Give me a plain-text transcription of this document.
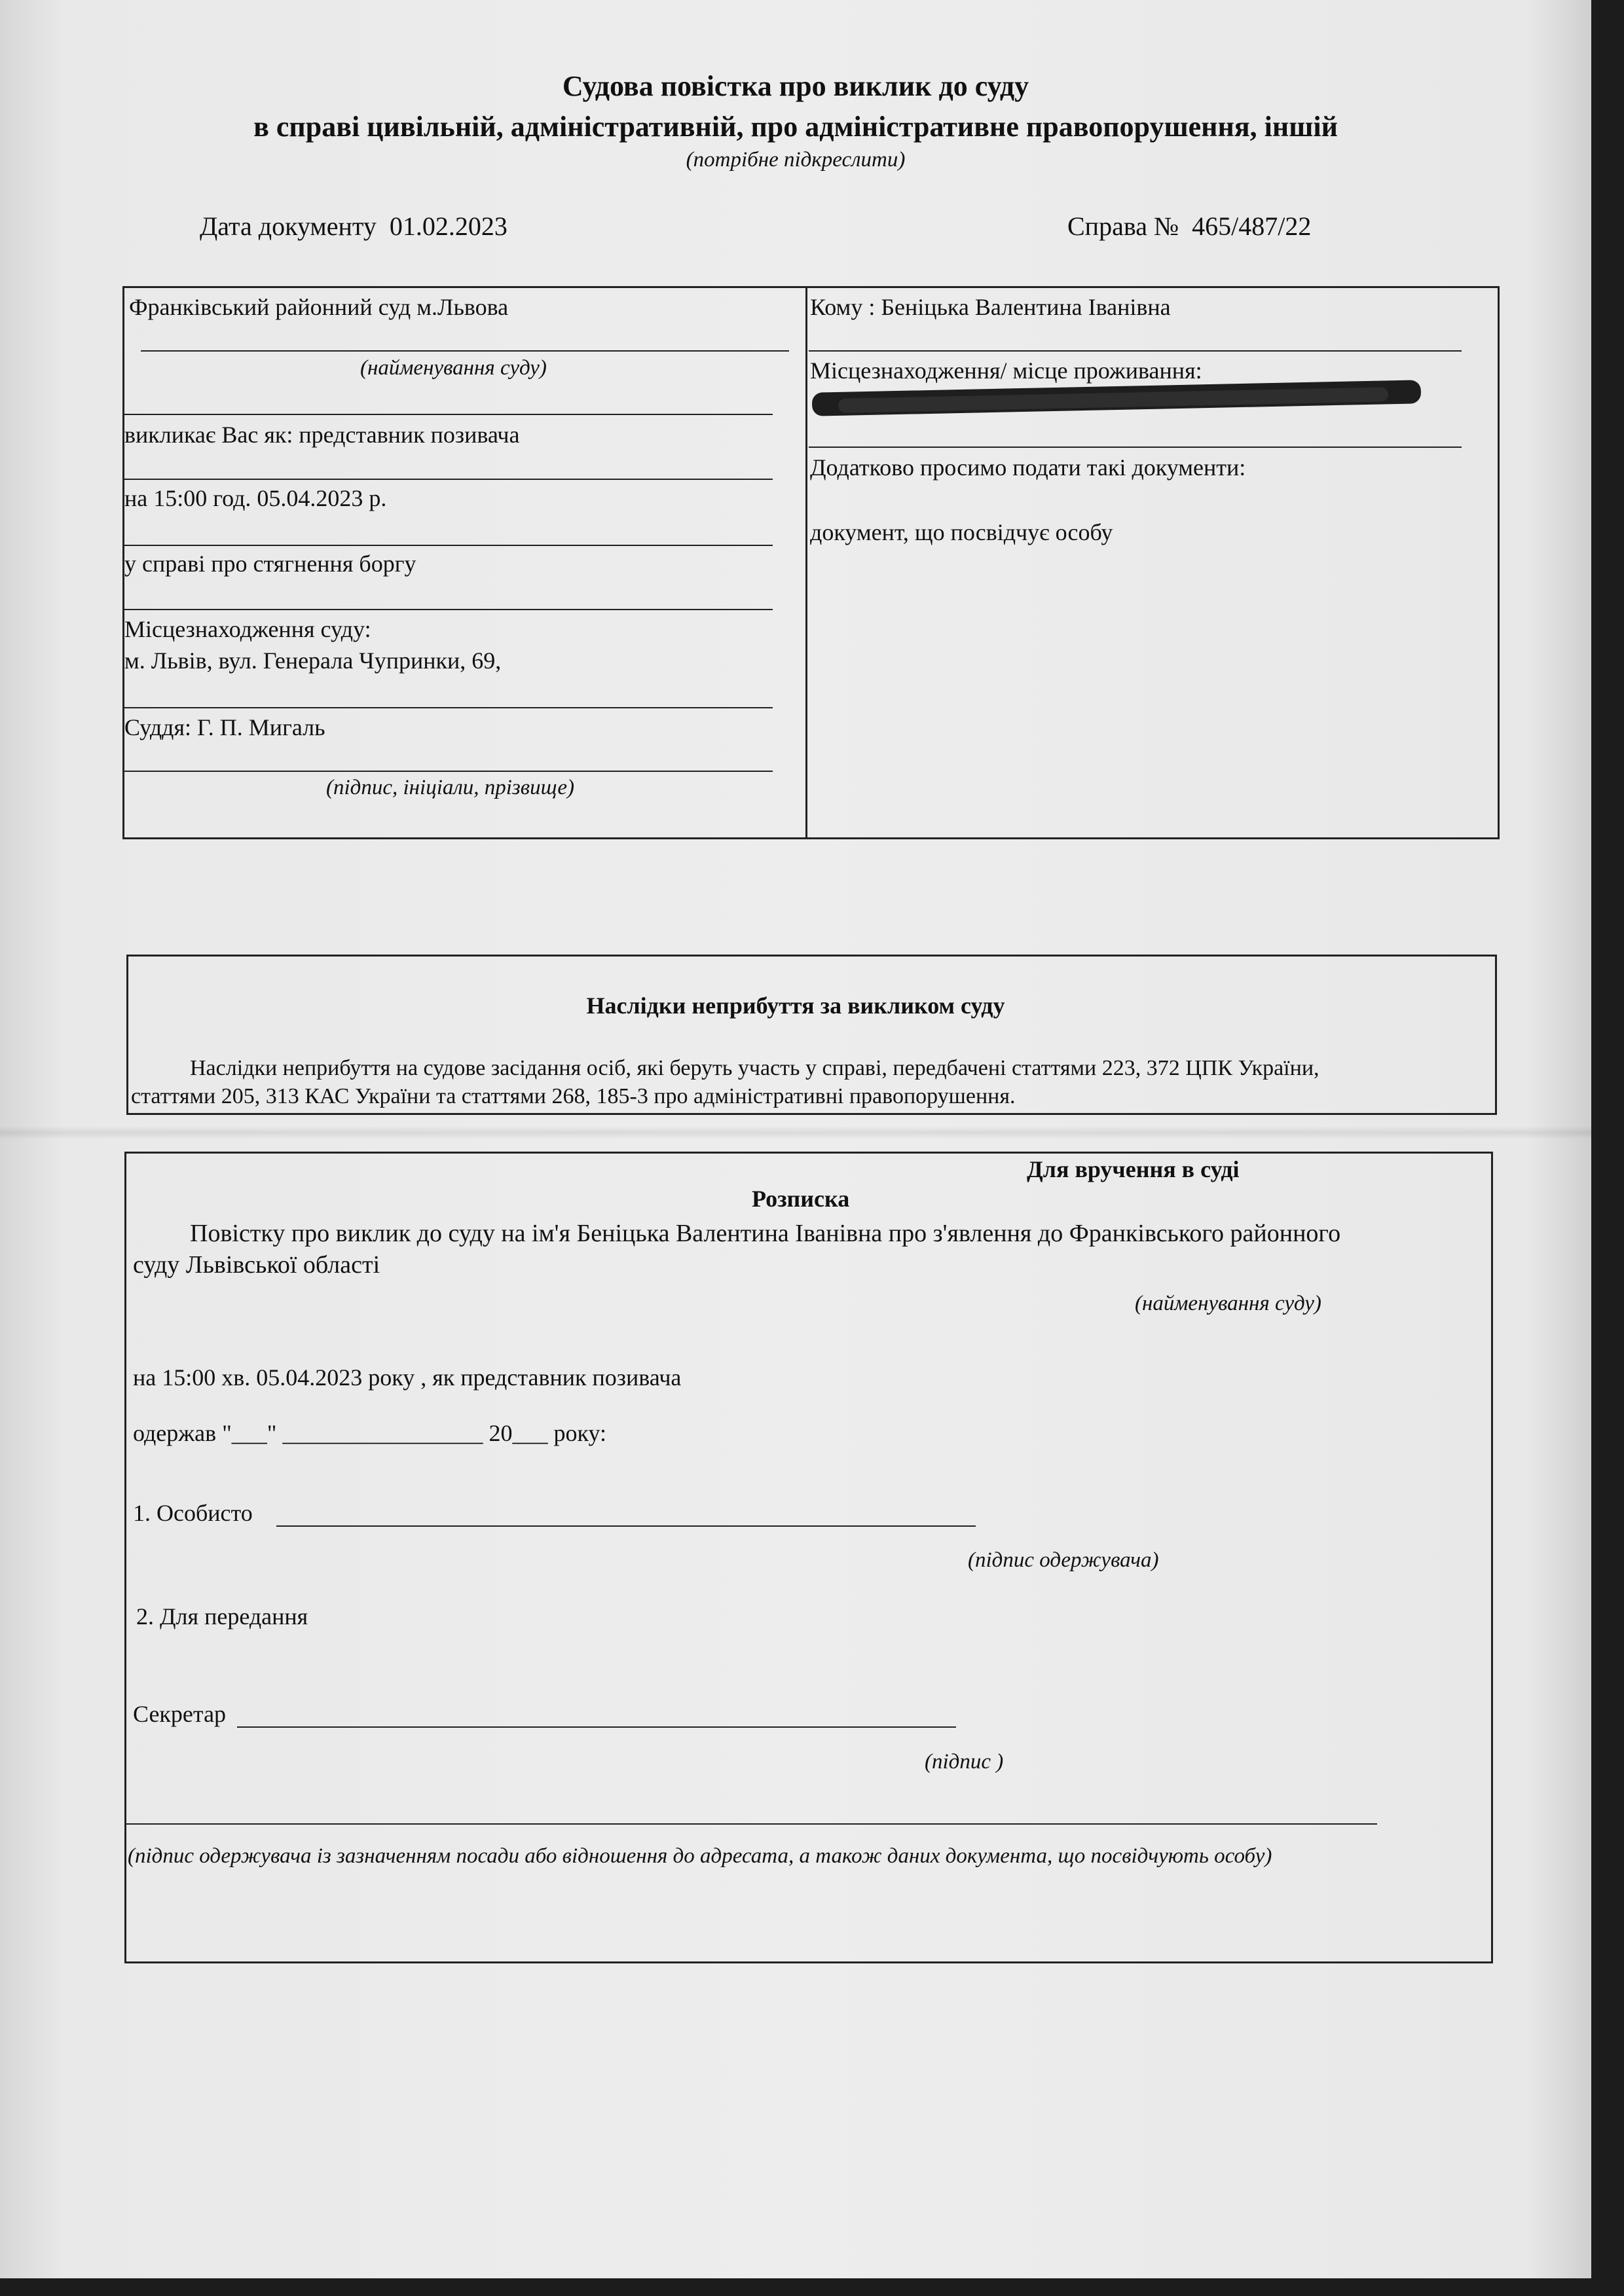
Судова повістка про виклик до суду
в справі цивільній, адміністративній, про адміністративне правопорушення, іншій
(потрібне підкреслити)
Дата документу 01.02.2023	Справа № 465/487/22
Франківський районний суд м.Львова
(найменування суду)
викликає Вас як: представник позивача
на 15:00 год. 05.04.2023 р.
у справі про стягнення боргу
Місцезнаходження суду:
м. Львів, вул. Генерала Чупринки, 69,
Суддя: Г. П. Мигаль
(підпис, ініціали, прізвище)
Кому : Беніцька Валентина Іванівна
Місцезнаходження/ місце проживання:
Додатково просимо подати такі документи:
документ, що посвідчує особу
Наслідки неприбуття за викликом суду
Наслідки неприбуття на судове засідання осіб, які беруть участь у справі, передбачені статтями 223, 372 ЦПК України,
статтями 205, 313 КАС України та статтями 268, 185-3 про адміністративні правопорушення.
Для вручення в суді
Розписка
Повістку про виклик до суду на ім'я Беніцька Валентина Іванівна про з'явлення до Франківського районного
суду Львівської області
(найменування суду)
на 15:00 хв. 05.04.2023 року , як представник позивача
одержав "___" _________________ 20___ року:
1. Особисто
(підпис одержувача)
2. Для передання
Секретар
(підпис )
(підпис одержувача із зазначенням посади або відношення до адресата, а також даних документа, що посвідчують особу)
